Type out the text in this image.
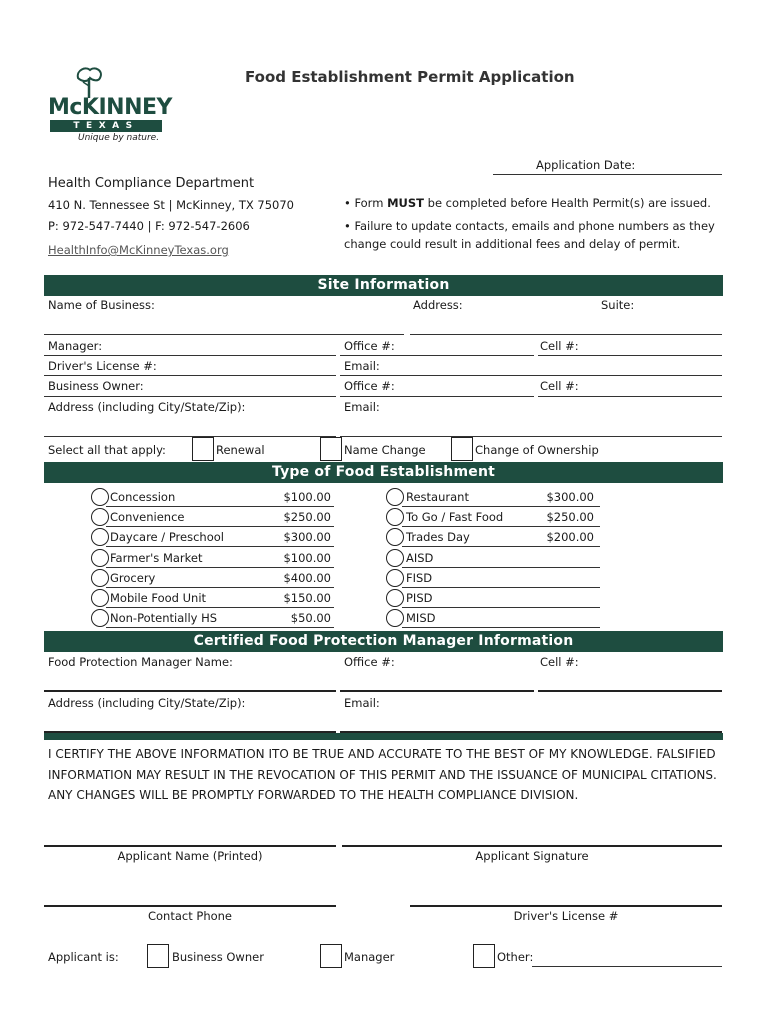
McKINNEY
TEXAS
Unique by nature.
Food Establishment Permit Application
Application Date:
Health Compliance Department
410 N. Tennessee St | McKinney, TX 75070
P: 972-547-7440 | F: 972-547-2606
HealthInfo@McKinneyTexas.org
• Form MUST be completed before Health Permit(s) are issued.
• Failure to update contacts, emails and phone numbers as they
change could result in additional fees and delay of permit.
Site Information
Name of Business:	Address:	Suite:
Manager:	Office #:	Cell #:
Driver's License #:	Email:
Business Owner:	Office #:	Cell #:
Address (including City/State/Zip):	Email:
Select all that apply:	Renewal	Name Change	Change of Ownership
Type of Food Establishment
Concession	$100.00
Convenience	$250.00
Daycare / Preschool	$300.00
Farmer's Market	$100.00
Grocery	$400.00
Mobile Food Unit	$150.00
Non-Potentially HS	$50.00
Restaurant	$300.00
To Go / Fast Food	$250.00
Trades Day	$200.00
AISD
FISD
PISD
MISD
Certified Food Protection Manager Information
Food Protection Manager Name:	Office #:	Cell #:
Address (including City/State/Zip):	Email:
I CERTIFY THE ABOVE INFORMATION ITO BE TRUE AND ACCURATE TO THE BEST OF MY KNOWLEDGE. FALSIFIED
INFORMATION MAY RESULT IN THE REVOCATION OF THIS PERMIT AND THE ISSUANCE OF MUNICIPAL CITATIONS.
ANY CHANGES WILL BE PROMPTLY FORWARDED TO THE HEALTH COMPLIANCE DIVISION.
Applicant Name (Printed)	Applicant Signature
Contact Phone	Driver's License #
Applicant is:	Business Owner	Manager	Other:
